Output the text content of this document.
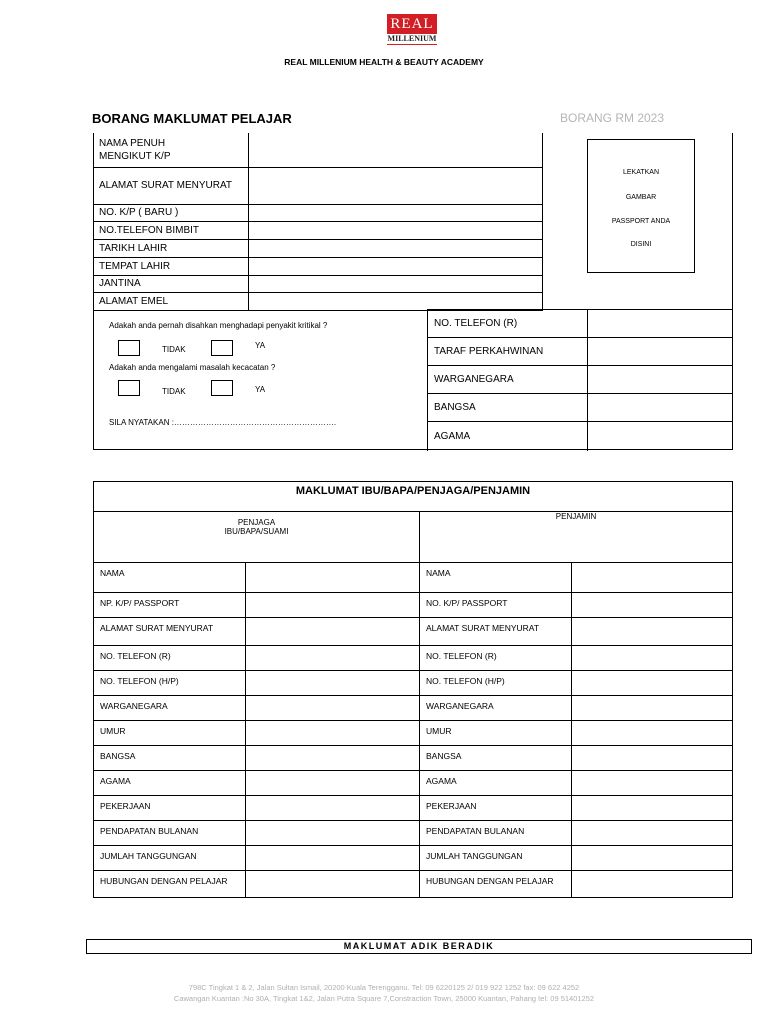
REAL
MILLENIUM
REAL MILLENIUM HEALTH & BEAUTY ACADEMY
BORANG MAKLUMAT PELAJAR	BORANG RM 2023
NAMA PENUH
MENGIKUT K/P	
ALAMAT SURAT MENYURAT	
NO. K/P ( BARU )	
NO.TELEFON BIMBIT	
TARIKH LAHIR	
TEMPAT LAHIR	
JANTINA	
ALAMAT EMEL	
LEKATKAN
GAMBAR
PASSPORT ANDA
DISINI
NO. TELEFON (R)	
TARAF PERKAHWINAN	
WARGANEGARA	
BANGSA	
AGAMA	
Adakah anda pernah disahkan menghadapi penyakit kritikal ?
TIDAK	YA
Adakah anda mengalami masalah kecacatan ?
TIDAK	YA
SILA NYATAKAN :…………………………………………………….
MAKLUMAT IBU/BAPA/PENJAGA/PENJAMIN			
PENJAGA
IBU/BAPA/SUAMI		PENJAMIN	
NAMA		NAMA	
NP. K/P/ PASSPORT		NO. K/P/ PASSPORT	
ALAMAT SURAT MENYURAT		ALAMAT SURAT MENYURAT	
NO. TELEFON (R)		NO. TELEFON (R)	
NO. TELEFON (H/P)		NO. TELEFON (H/P)	
WARGANEGARA		WARGANEGARA	
UMUR		UMUR	
BANGSA		BANGSA	
AGAMA		AGAMA	
PEKERJAAN		PEKERJAAN	
PENDAPATAN BULANAN		PENDAPATAN BULANAN	
JUMLAH TANGGUNGAN		JUMLAH TANGGUNGAN	
HUBUNGAN DENGAN PELAJAR		HUBUNGAN DENGAN PELAJAR	
MAKLUMAT ADIK BERADIK
798C Tingkat 1 & 2, Jalan Sultan Ismail, 20200 Kuala Terengganu. Tel: 09 6220125 2/ 019 922 1252 fax: 09 622 4252
Cawangan Kuantan :No 30A, Tingkat 1&2, Jalan Putra Square 7,Constraction Town, 25000 Kuantan, Pahang tel: 09 51401252
